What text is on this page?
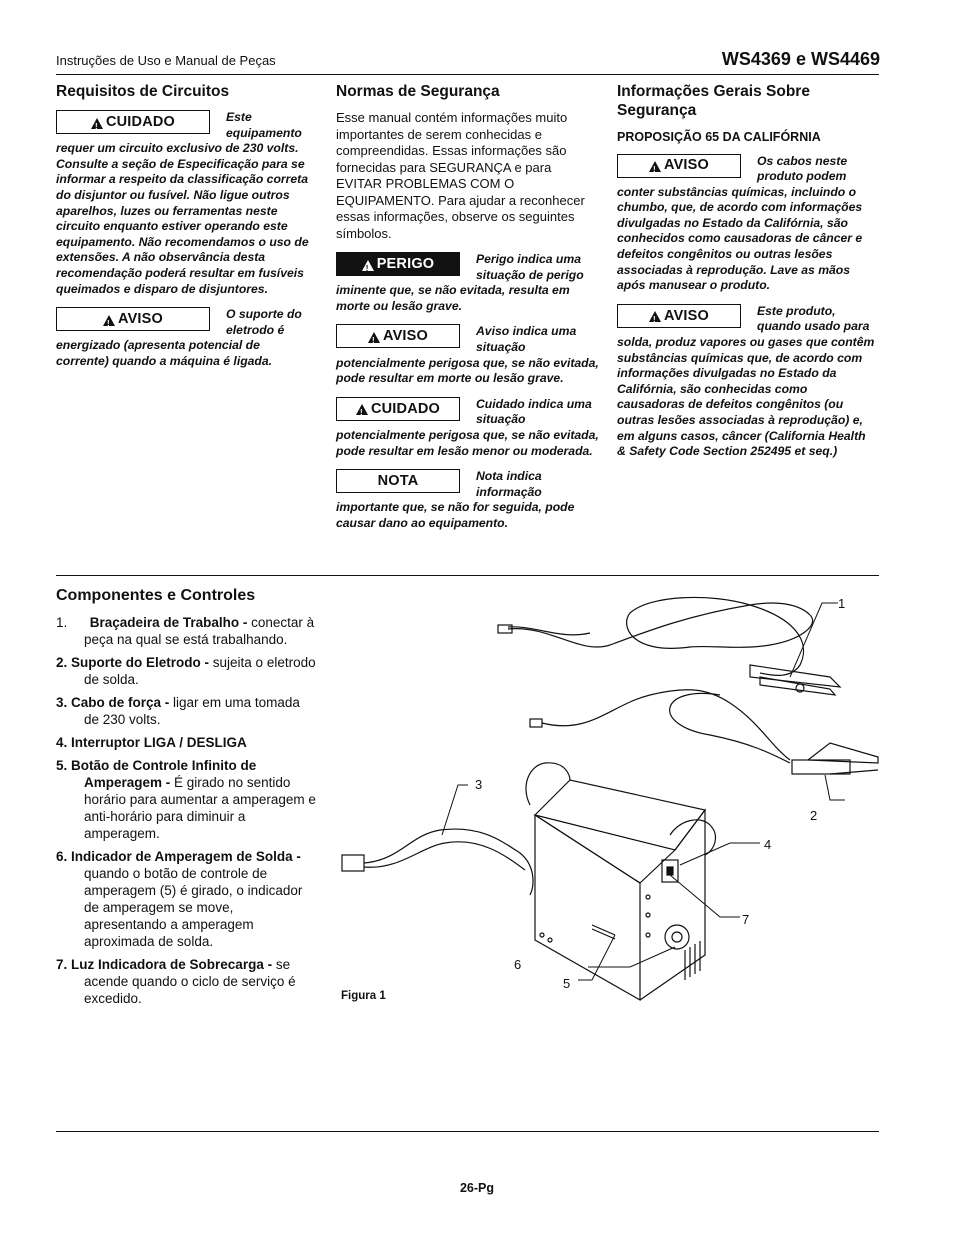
Instruções de Uso e Manual de Peças	WS4369 e WS4469
Requisitos de Circuitos
!
CUIDADO	Este equipamento requer um circuito exclusivo de 230 volts. Consulte a seção de Especificação para se informar a respeito da classificação correta do disjuntor ou fusível. Não ligue outros aparelhos, luzes ou ferramentas neste circuito enquanto estiver operando este equipamento. Não recomendamos o uso de extensões. A não observância desta recomendação poderá resultar em fusíveis queimados e disparo de disjuntores.
!
AVISO	O suporte do eletrodo é energizado (apresenta potencial de corrente) quando a máquina é ligada.
Normas de Segurança

Esse manual contém informações muito importantes de serem conhecidas e compreendidas. Essas informações são fornecidas para SEGURANÇA e para EVITAR PROBLEMAS COM O EQUIPAMENTO. Para ajudar a reconhecer essas informações, observe os seguintes símbolos.

!
PERIGO	Perigo indica uma situação de perigo iminente que, se não evitada, resulta em morte ou lesão grave.
!
AVISO	Aviso indica uma situação potencialmente perigosa que, se não evitada, pode resultar em morte ou lesão grave.
!
CUIDADO	Cuidado indica uma situação potencialmente perigosa que, se não evitada, pode resultar em lesão menor ou moderada.
NOTA	Nota indica informação importante que, se não for seguida, pode causar dano ao equipamento.
Informações Gerais Sobre Segurança
PROPOSIÇÃO 65 DA CALIFÓRNIA
!
AVISO	Os cabos neste produto podem conter substâncias químicas, incluindo o chumbo, que, de acordo com informações divulgadas no Estado da Califórnia, são conhecidos como causadoras de câncer e defeitos congênitos ou outras lesões associadas à reprodução. Lave as mãos após manusear o produto.
!
AVISO	Este produto, quando usado para solda, produz vapores ou gases que contêm substâncias químicas que, de acordo com informações divulgadas no Estado da Califórnia, são conhecidas como causadoras de defeitos congênitos (ou outras lesões associadas à reprodução) e, em alguns casos, câncer (California Health & Safety Code Section 252495 et seq.)
Componentes e Controles
1. Braçadeira de Trabalho - conectar à peça na qual se está trabalhando.
2. Suporte do Eletrodo - sujeita o eletrodo de solda.
3. Cabo de força - ligar em uma tomada de 230 volts.
4. Interruptor LIGA / DESLIGA
5. Botão de Controle Infinito de Amperagem - É girado no sentido horário para aumentar a amperagem e anti-horário para diminuir a amperagem.
6. Indicador de Amperagem de Solda - quando o botão de controle de amperagem (5) é girado, o indicador de amperagem se move, apresentando a amperagem aproximada de solda.
7. Luz Indicadora de Sobrecarga - se acende quando o ciclo de serviço é excedido.
1
2
3
4
5
6
7
Figura 1
26-Pg
